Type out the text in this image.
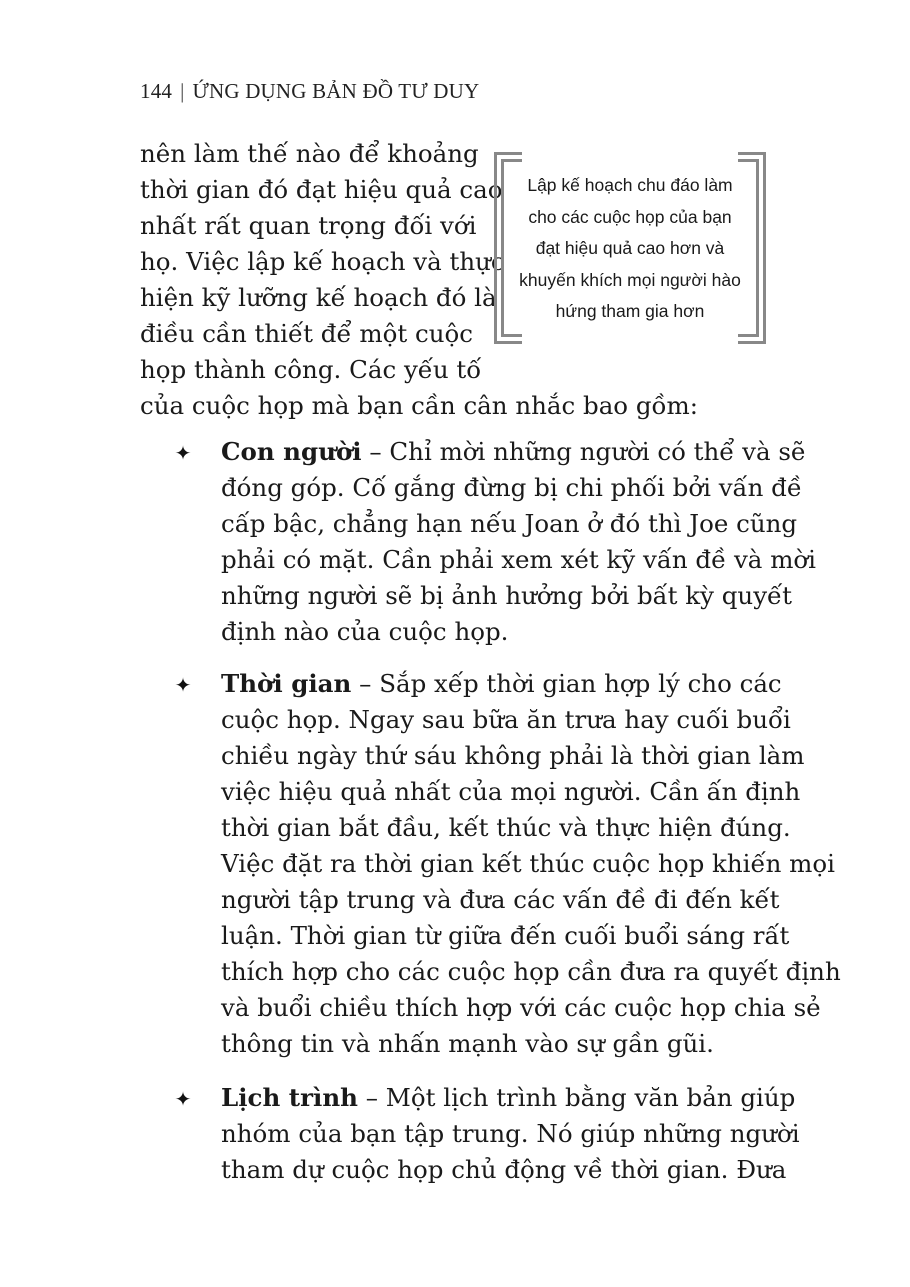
144 | ỨNG DỤNG BẢN ĐỒ TƯ DUY
nên làm thế nào để khoảng
thời gian đó đạt hiệu quả cao
nhất rất quan trọng đối với
họ. Việc lập kế hoạch và thực
hiện kỹ lưỡng kế hoạch đó là
điều cần thiết để một cuộc
họp thành công. Các yếu tố
của cuộc họp mà bạn cần cân nhắc bao gồm:
Lập kế hoạch chu đáo làm
cho các cuộc họp của bạn
đạt hiệu quả cao hơn và
khuyến khích mọi người hào
hứng tham gia hơn
✦ Con người – Chỉ mời những người có thể và sẽ
đóng góp. Cố gắng đừng bị chi phối bởi vấn đề
cấp bậc, chẳng hạn nếu Joan ở đó thì Joe cũng
phải có mặt. Cần phải xem xét kỹ vấn đề và mời
những người sẽ bị ảnh hưởng bởi bất kỳ quyết
định nào của cuộc họp.
✦ Thời gian – Sắp xếp thời gian hợp lý cho các
cuộc họp. Ngay sau bữa ăn trưa hay cuối buổi
chiều ngày thứ sáu không phải là thời gian làm
việc hiệu quả nhất của mọi người. Cần ấn định
thời gian bắt đầu, kết thúc và thực hiện đúng.
Việc đặt ra thời gian kết thúc cuộc họp khiến mọi
người tập trung và đưa các vấn đề đi đến kết
luận. Thời gian từ giữa đến cuối buổi sáng rất
thích hợp cho các cuộc họp cần đưa ra quyết định
và buổi chiều thích hợp với các cuộc họp chia sẻ
thông tin và nhấn mạnh vào sự gần gũi.
✦ Lịch trình – Một lịch trình bằng văn bản giúp
nhóm của bạn tập trung. Nó giúp những người
tham dự cuộc họp chủ động về thời gian. Đưa
